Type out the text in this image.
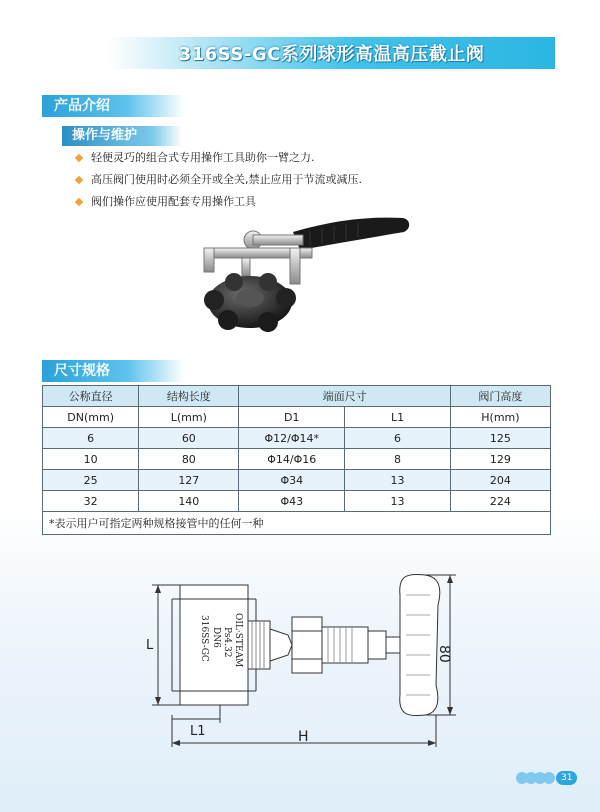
316SS-GC系列球形高温高压截止阀
产品介绍
操作与维护
轻便灵巧的组合式专用操作工具助你一臂之力.
高压阀门使用时必须全开或全关,禁止应用于节流或减压.
阀们操作应使用配套专用操作工具
尺寸规格
公称直径	结构长度	端面尺寸		阀门高度
DN(mm)	L(mm)	D1	L1	H(mm)
6	60	Φ12/Φ14*	6	125
10	80	Φ14/Φ16	8	129
25	127	Φ34	13	204
32	140	Φ43	13	224
*表示用户可指定两种规格接管中的任何一种				
L
L1	H
80
316SS-GC DN6 Ps4.32 OIL·STEAM
31
